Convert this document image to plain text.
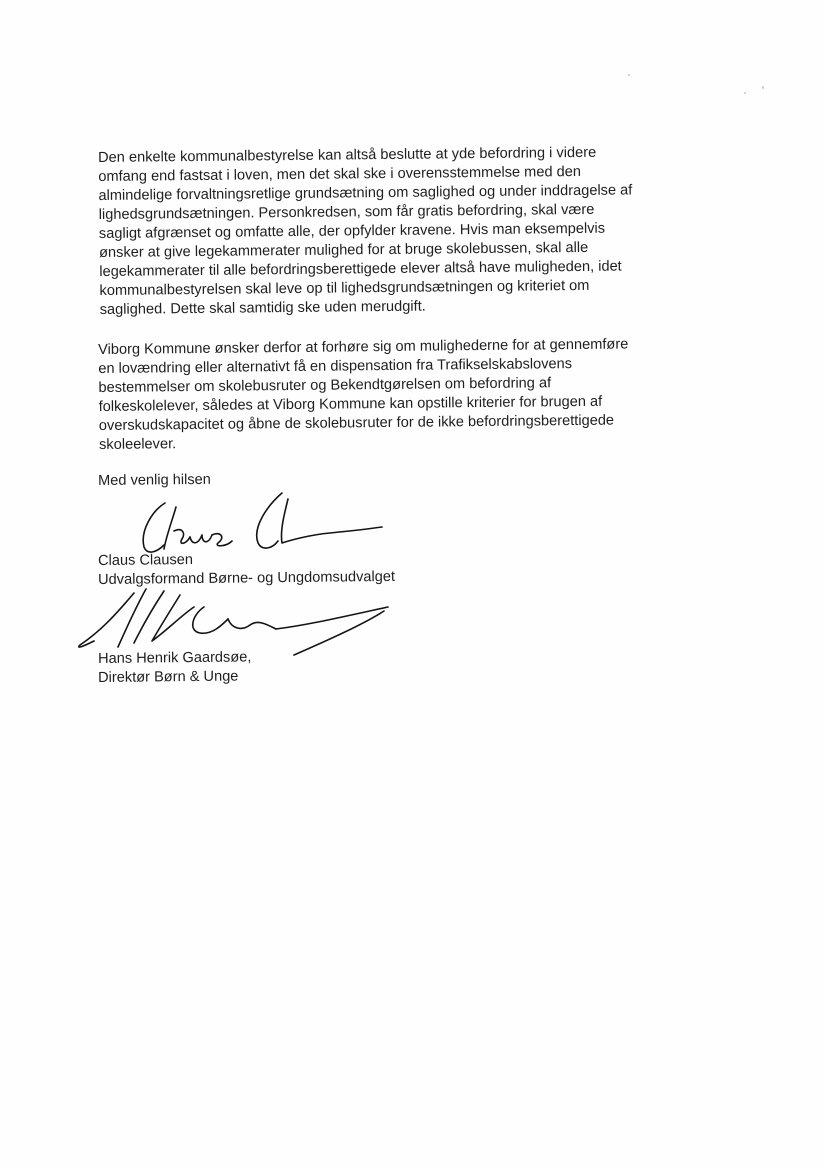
Den enkelte kommunalbestyrelse kan altså beslutte at yde befordring i videre
omfang end fastsat i loven, men det skal ske i overensstemmelse med den
almindelige forvaltningsretlige grundsætning om saglighed og under inddragelse af
lighedsgrundsætningen. Personkredsen, som får gratis befordring, skal være
sagligt afgrænset og omfatte alle, der opfylder kravene. Hvis man eksempelvis
ønsker at give legekammerater mulighed for at bruge skolebussen, skal alle
legekammerater til alle befordringsberettigede elever altså have muligheden, idet
kommunalbestyrelsen skal leve op til lighedsgrundsætningen og kriteriet om
saglighed. Dette skal samtidig ske uden merudgift.
Viborg Kommune ønsker derfor at forhøre sig om mulighederne for at gennemføre
en lovændring eller alternativt få en dispensation fra Trafikselskabslovens
bestemmelser om skolebusruter og Bekendtgørelsen om befordring af
folkeskolelever, således at Viborg Kommune kan opstille kriterier for brugen af
overskudskapacitet og åbne de skolebusruter for de ikke befordringsberettigede
skoleelever.
Med venlig hilsen
Claus Clausen
Udvalgsformand Børne- og Ungdomsudvalget
Hans Henrik Gaardsøe,
Direktør Børn & Unge
